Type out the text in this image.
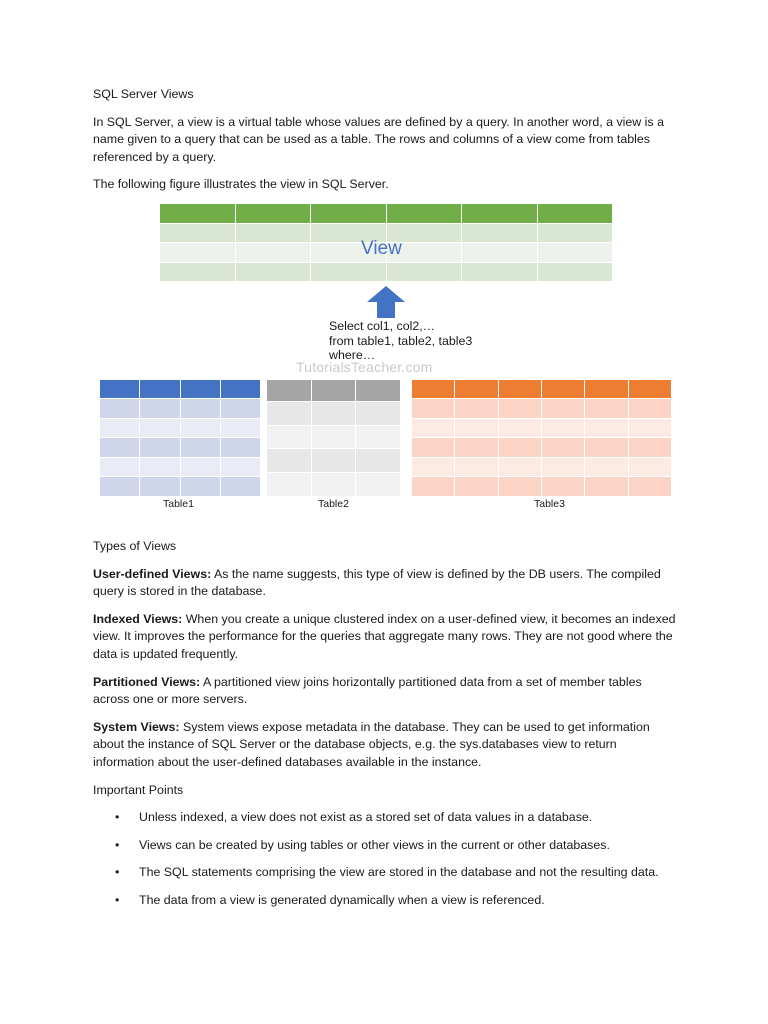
SQL Server Views

In SQL Server, a view is a virtual table whose values are defined by a query. In another word, a view is a name given to a query that can be used as a table. The rows and columns of a view come from tables referenced by a query.

The following figure illustrates the view in SQL Server.

View
Select col1, col2,…
from table1, table2, table3
where…
TutorialsTeacher.com
Table1	Table2	Table3

Types of Views

User-defined Views: As the name suggests, this type of view is defined by the DB users. The compiled query is stored in the database.

Indexed Views: When you create a unique clustered index on a user-defined view, it becomes an indexed view. It improves the performance for the queries that aggregate many rows. They are not good where the data is updated frequently.

Partitioned Views: A partitioned view joins horizontally partitioned data from a set of member tables across one or more servers.

System Views: System views expose metadata in the database. They can be used to get information about the instance of SQL Server or the database objects, e.g. the sys.databases view to return information about the user-defined databases available in the instance.

Important Points

• Unless indexed, a view does not exist as a stored set of data values in a database.
• Views can be created by using tables or other views in the current or other databases.
• The SQL statements comprising the view are stored in the database and not the resulting data.
• The data from a view is generated dynamically when a view is referenced.
